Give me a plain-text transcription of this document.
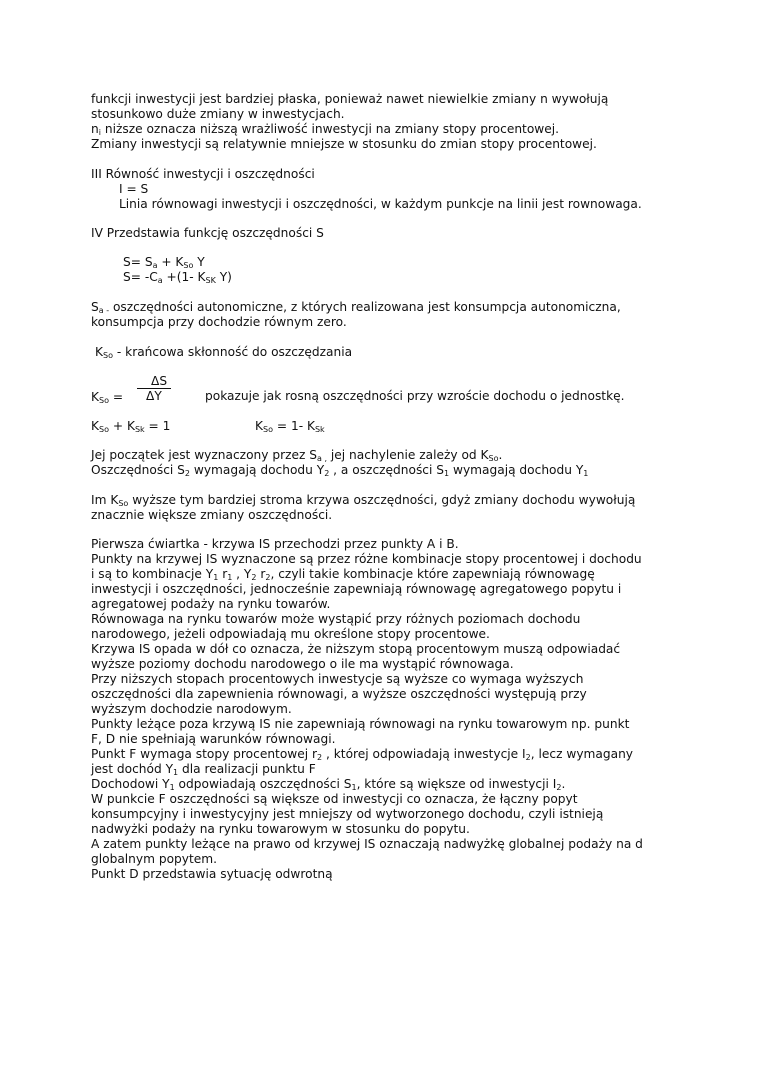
funkcji inwestycji jest bardziej płaska, ponieważ nawet niewielkie zmiany n wywołują
stosunkowo duże zmiany w inwestycjach.
$n_i$ niższe oznacza niższą wrażliwość inwestycji na zmiany stopy procentowej.
Zmiany inwestycji są relatywnie mniejsze w stosunku do zmian stopy procentowej.
III Równość inwestycji i oszczędności
I = S
Linia równowagi inwestycji i oszczędności, w każdym punkcje na linii jest rownowaga.
IV Przedstawia funkcję oszczędności S
$S= S_a + K_{So}$ Y
$S= -C_a +(1-$ $K_{SK}$ Y)
$S_{a -}$ oszczędności autonomiczne, z których realizowana jest konsumpcja autonomiczna,
konsumpcja przy dochodzie równym zero.
$K_{So}$ - krańcowa skłonność do oszczędzania
ΔS
ΔY
$K_{So}$ =	pokazuje jak rosną oszczędności przy wzroście dochodu o jednostkę.
$K_{So} + K_{Sk} = 1$	$K_{So} = 1-$ $K_{Sk}$
Jej początek jest wyznaczony przez $S_{a ,}$ jej nachylenie zależy od $K_{So}$.
Oszczędności $S_2$ wymagają dochodu $Y_2$ , a oszczędności $S_1$ wymagają dochodu $Y_1$
Im $K_{So}$ wyższe tym bardziej stroma krzywa oszczędności, gdyż zmiany dochodu wywołują
znacznie większe zmiany oszczędności.
Pierwsza ćwiartka - krzywa IS przechodzi przez punkty A i B.
Punkty na krzywej IS wyznaczone są przez różne kombinacje stopy procentowej i dochodu
i są to kombinacje $Y_1$ $r_1$ , $Y_2$ $r_2$, czyli takie kombinacje które zapewniają równowagę
inwestycji i oszczędności, jednocześnie zapewniają równowagę agregatowego popytu i
agregatowej podaży na rynku towarów.
Równowaga na rynku towarów może wystąpić przy różnych poziomach dochodu
narodowego, jeżeli odpowiadają mu określone stopy procentowe.
Krzywa IS opada w dół co oznacza, że niższym stopą procentowym muszą odpowiadać
wyższe poziomy dochodu narodowego o ile ma wystąpić równowaga.
Przy niższych stopach procentowych inwestycje są wyższe co wymaga wyższych
oszczędności dla zapewnienia równowagi, a wyższe oszczędności występują przy
wyższym dochodzie narodowym.
Punkty leżące poza krzywą IS nie zapewniają równowagi na rynku towarowym np. punkt
F, D nie spełniają warunków równowagi.
Punkt F wymaga stopy procentowej $r_2$ , której odpowiadają inwestycje $I_2$, lecz wymagany
jest dochód $Y_1$ dla realizacji punktu F
Dochodowi $Y_1$ odpowiadają oszczędności $S_1$, które są większe od inwestycji $I_2$.
W punkcie F oszczędności są większe od inwestycji co oznacza, że łączny popyt
konsumpcyjny i inwestycyjny jest mniejszy od wytworzonego dochodu, czyli istnieją
nadwyżki podaży na rynku towarowym w stosunku do popytu.
A zatem punkty leżące na prawo od krzywej IS oznaczają nadwyżkę globalnej podaży na d
globalnym popytem.
Punkt D przedstawia sytuację odwrotną
